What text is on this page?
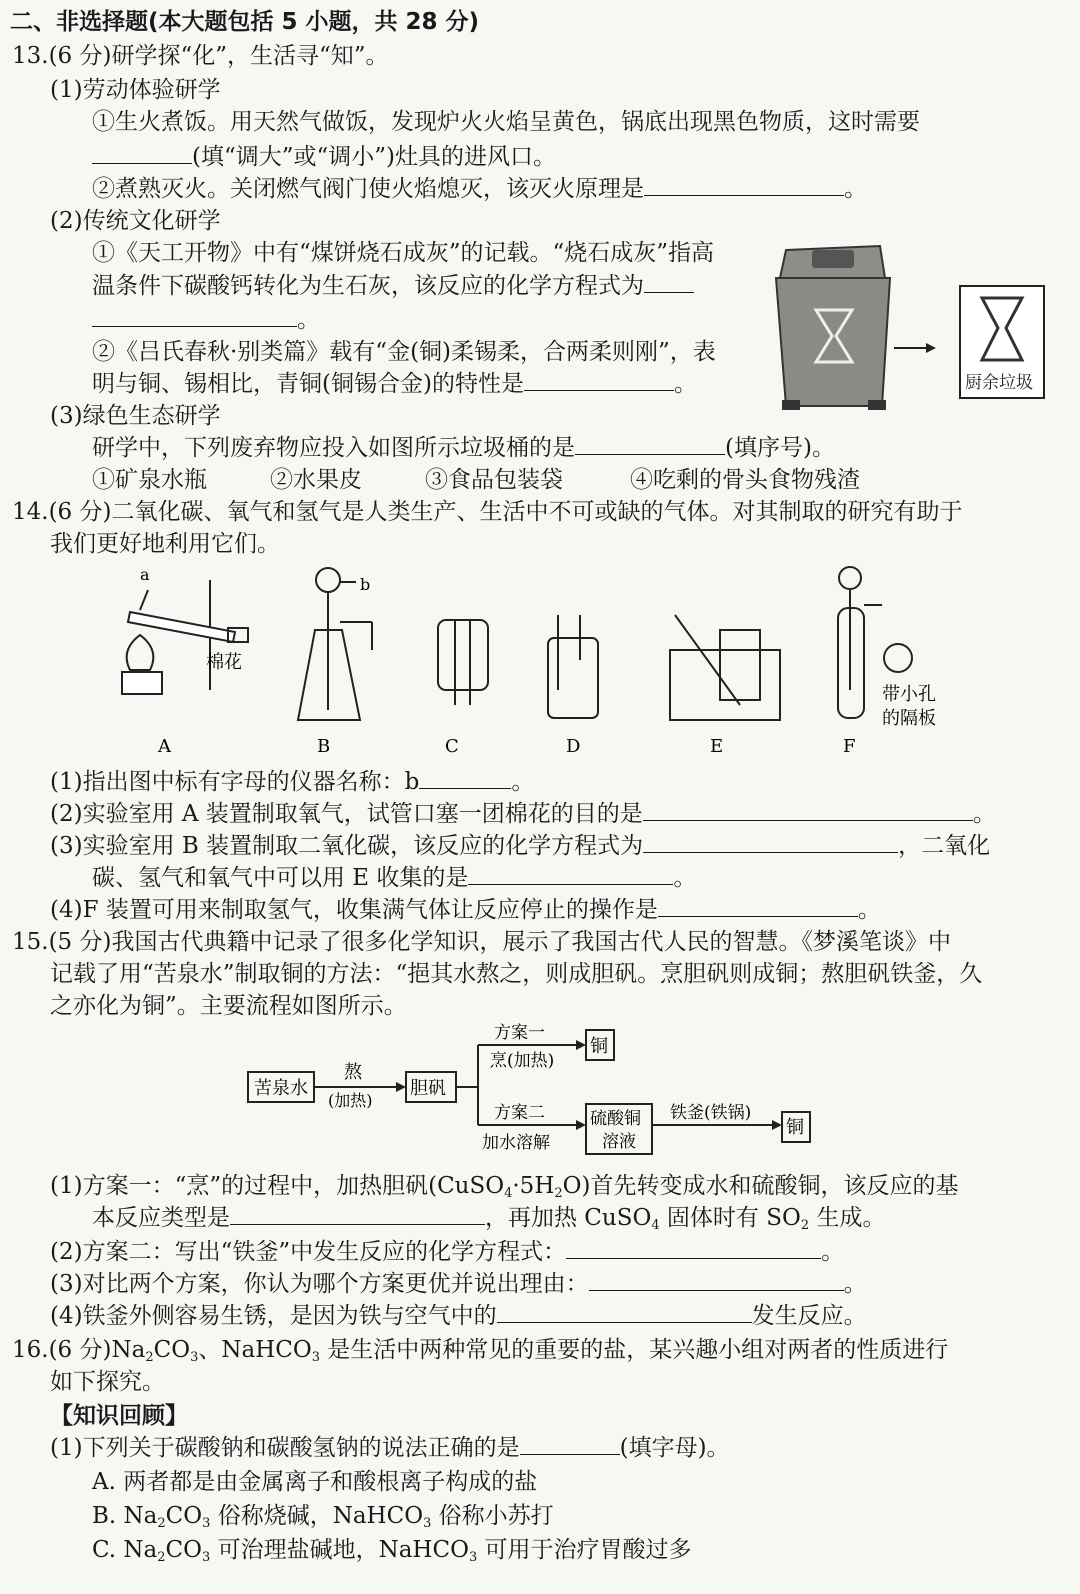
二、非选择题(本大题包括 5 小题，共 28 分)
13.(6 分)研学探“化”，生活寻“知”。
(1)劳动体验研学
①生火煮饭。用天然气做饭，发现炉火火焰呈黄色，锅底出现黑色物质，这时需要
(填“调大”或“调小”)灶具的进风口。
②煮熟灭火。关闭燃气阀门使火焰熄灭，该灭火原理是	。
(2)传统文化研学
①《天工开物》中有“煤饼烧石成灰”的记载。“烧石成灰”指高
温条件下碳酸钙转化为生石灰，该反应的化学方程式为
。
②《吕氏春秋·别类篇》载有“金(铜)柔锡柔，合两柔则刚”，表
明与铜、锡相比，青铜(铜锡合金)的特性是	。
(3)绿色生态研学
研学中，下列废弃物应投入如图所示垃圾桶的是	(填序号)。
①矿泉水瓶	②水果皮	③食品包装袋	④吃剩的骨头食物残渣
厨余垃圾
14.(6 分)二氧化碳、氧气和氢气是人类生产、生活中不可或缺的气体。对其制取的研究有助于
我们更好地利用它们。
a
棉花
A
b
B	C	D	E
带小孔
的隔板
F
(1)指出图中标有字母的仪器名称：b	。
(2)实验室用 A 装置制取氧气，试管口塞一团棉花的目的是	。
(3)实验室用 B 装置制取二氧化碳，该反应的化学方程式为	，二氧化
碳、氢气和氧气中可以用 E 收集的是	。
(4)F 装置可用来制取氢气，收集满气体让反应停止的操作是	。
15.(5 分)我国古代典籍中记录了很多化学知识，展示了我国古代人民的智慧。《梦溪笔谈》中
记载了用“苦泉水”制取铜的方法：“挹其水熬之，则成胆矾。烹胆矾则成铜；熬胆矾铁釜，久
之亦化为铜”。主要流程如图所示。
苦泉水
熬
(加热)
胆矾
方案一
烹(加热)
铜
方案二
加水溶解
硫酸铜
溶液
铁釜(铁锅)
铜
(1)方案一：“烹”的过程中，加热胆矾$(CuSO_4\cdot 5H_2O)$首先转变成水和硫酸铜，该反应的基
本反应类型是	，再加热 CuSO$_4$ 固体时有 $SO_2$ 生成。
(2)方案二：写出“铁釜”中发生反应的化学方程式：	。
(3)对比两个方案，你认为哪个方案更优并说出理由：	。
(4)铁釜外侧容易生锈，是因为铁与空气中的	发生反应。
16.(6 分)$Na_2CO_3$、NaHCO$_3$ 是生活中两种常见的重要的盐，某兴趣小组对两者的性质进行
如下探究。
【知识回顾】
(1)下列关于碳酸钠和碳酸氢钠的说法正确的是	(填字母)。
A. 两者都是由金属离子和酸根离子构成的盐
B. $Na_2CO_3$ 俗称烧碱，NaHCO$_3$ 俗称小苏打
C. $Na_2CO_3$ 可治理盐碱地，NaHCO$_3$ 可用于治疗胃酸过多
